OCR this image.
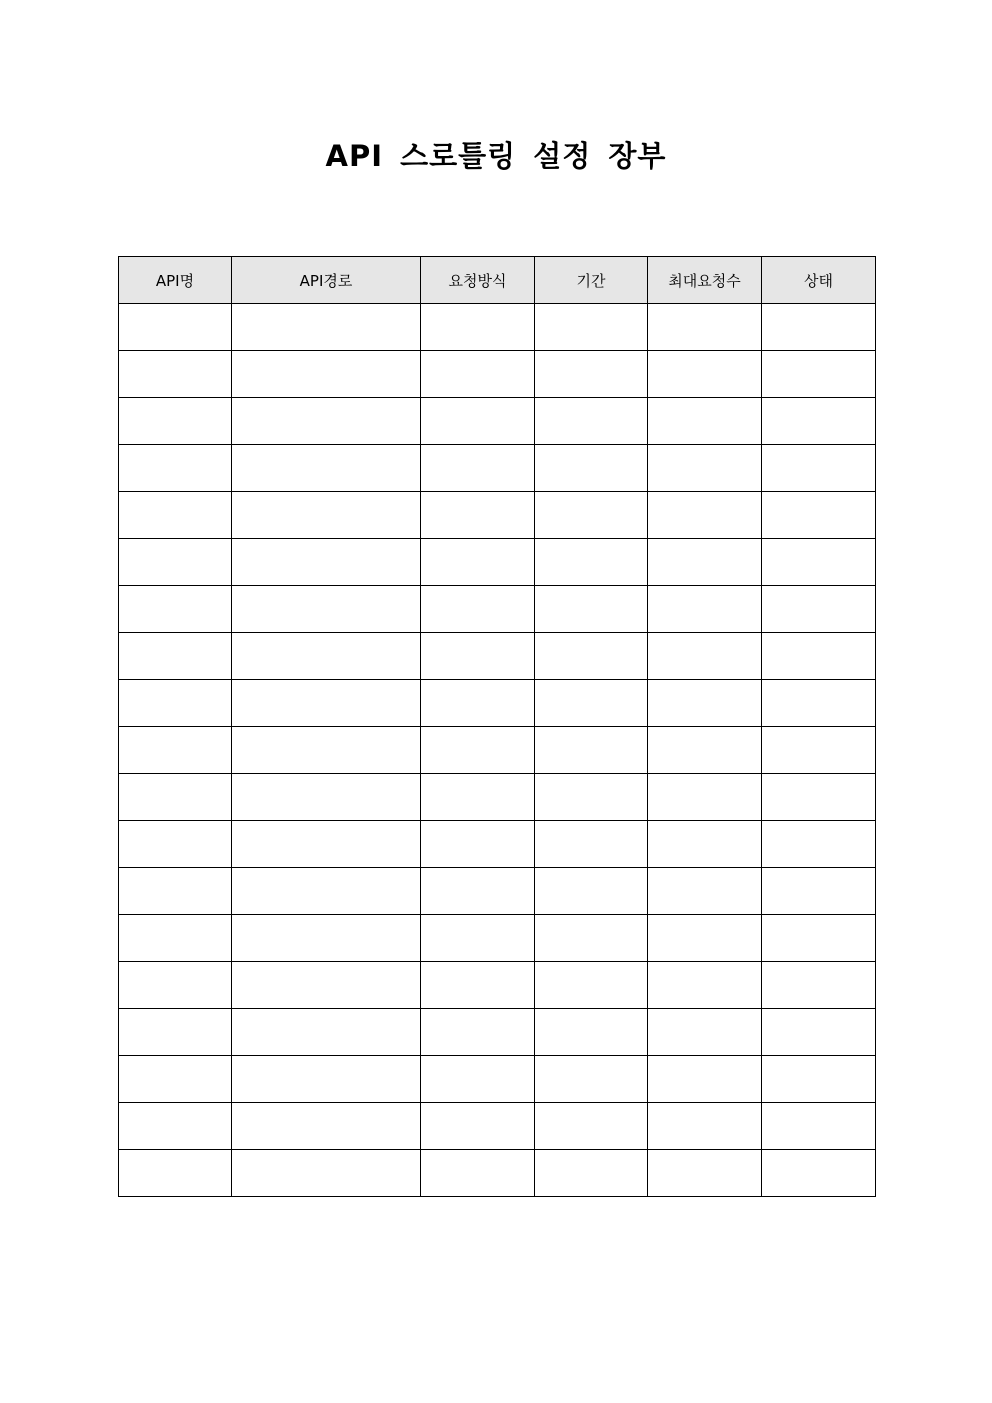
API 스로틀링 설정 장부
API명	API경로	요청방식	기간	최대요청수	상태
